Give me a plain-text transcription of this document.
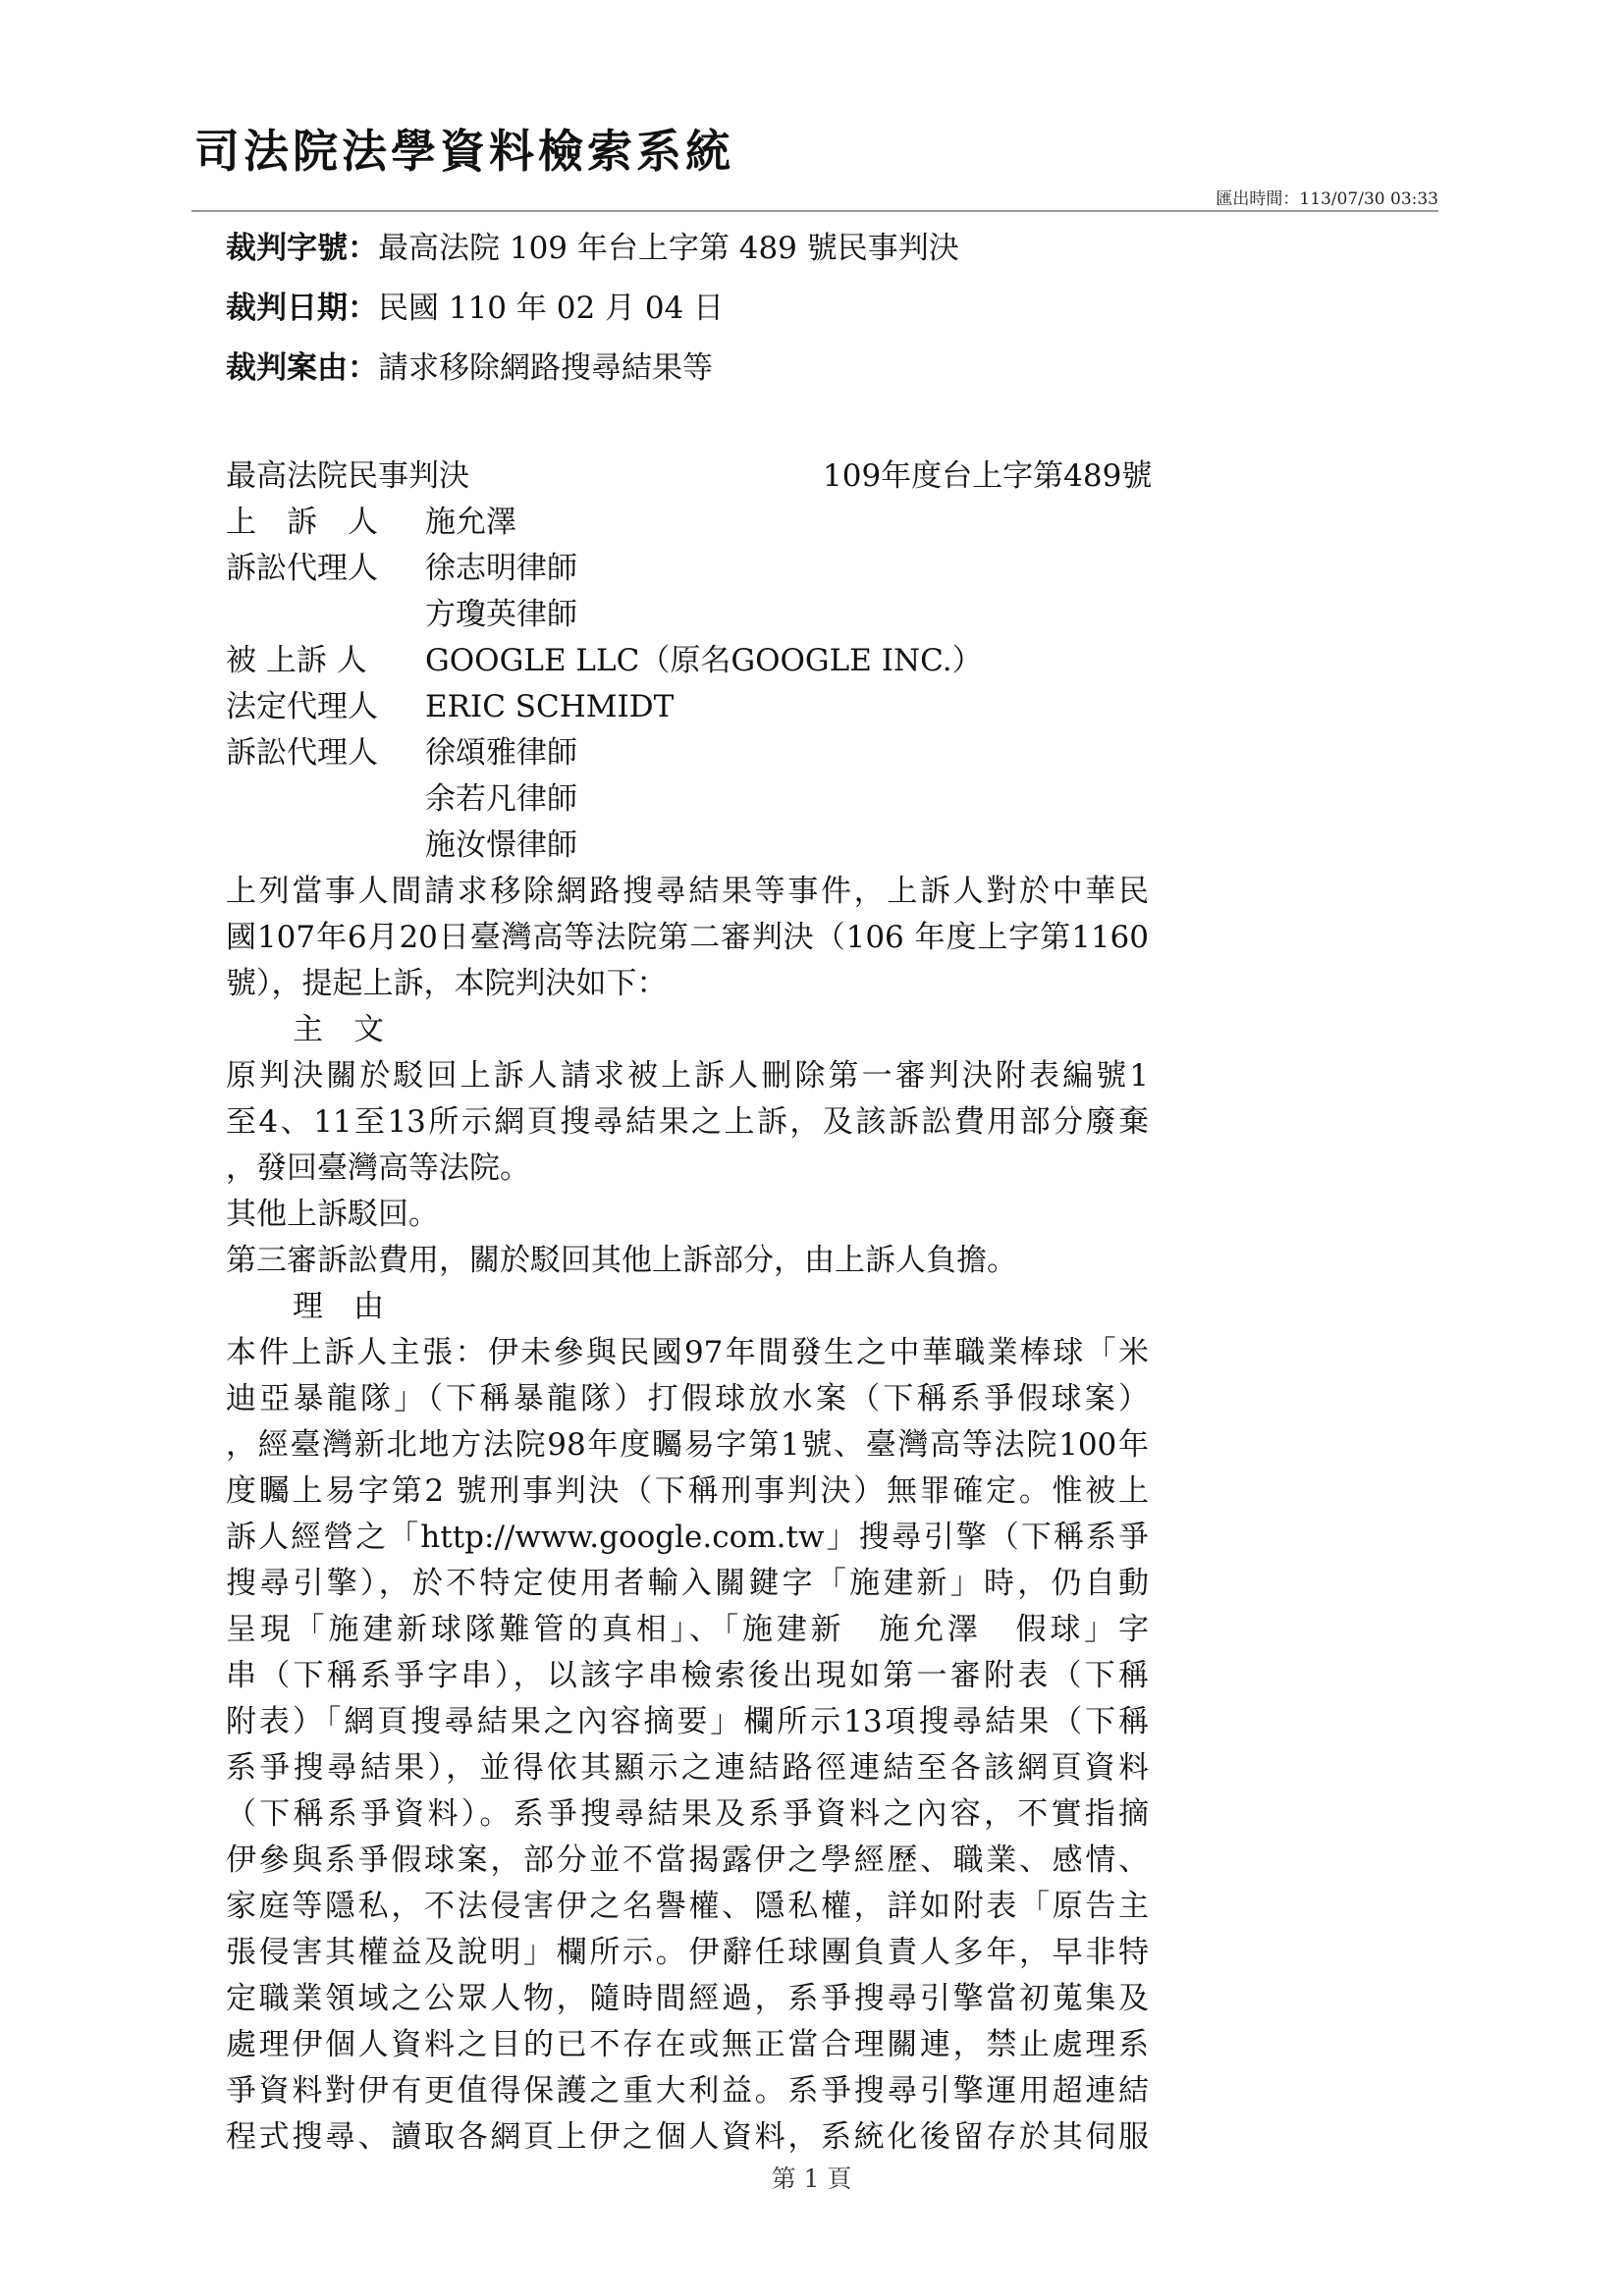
司法院法學資料檢索系統
匯出時間：113/07/30 03:33
裁判字號：最高法院 109 年台上字第 489 號民事判決
裁判日期：民國 110 年 02 月 04 日
裁判案由：請求移除網路搜尋結果等
最高法院民事判決	109年度台上字第489號
上　訴　人 施允澤
訴訟代理人 徐志明律師
方瓊英律師
被 上訴 人 GOOGLE LLC（原名GOOGLE INC.）
法定代理人 ERIC SCHMIDT
訴訟代理人 徐頌雅律師
余若凡律師
施汝憬律師
上列當事人間請求移除網路搜尋結果等事件，上訴人對於中華民
國107年6月20日臺灣高等法院第二審判決（106 年度上字第1160
號），提起上訴，本院判決如下：
主　文
原判決關於駁回上訴人請求被上訴人刪除第一審判決附表編號1
至4、11至13所示網頁搜尋結果之上訴，及該訴訟費用部分廢棄
，發回臺灣高等法院。
其他上訴駁回。
第三審訴訟費用，關於駁回其他上訴部分，由上訴人負擔。
理　由
本件上訴人主張：伊未參與民國97年間發生之中華職業棒球「米
迪亞暴龍隊」（下稱暴龍隊）打假球放水案（下稱系爭假球案）
，經臺灣新北地方法院98年度矚易字第1號、臺灣高等法院100年
度矚上易字第2 號刑事判決（下稱刑事判決）無罪確定。惟被上
訴人經營之「http://www.google.com.tw」搜尋引擎（下稱系爭
搜尋引擎），於不特定使用者輸入關鍵字「施建新」時，仍自動
呈現「施建新球隊難管的真相」、「施建新　施允澤　假球」字
串（下稱系爭字串），以該字串檢索後出現如第一審附表（下稱
附表）「網頁搜尋結果之內容摘要」欄所示13項搜尋結果（下稱
系爭搜尋結果），並得依其顯示之連結路徑連結至各該網頁資料
（下稱系爭資料）。系爭搜尋結果及系爭資料之內容，不實指摘
伊參與系爭假球案，部分並不當揭露伊之學經歷、職業、感情、
家庭等隱私，不法侵害伊之名譽權、隱私權，詳如附表「原告主
張侵害其權益及說明」欄所示。伊辭任球團負責人多年，早非特
定職業領域之公眾人物，隨時間經過，系爭搜尋引擎當初蒐集及
處理伊個人資料之目的已不存在或無正當合理關連，禁止處理系
爭資料對伊有更值得保護之重大利益。系爭搜尋引擎運用超連結
程式搜尋、讀取各網頁上伊之個人資料，系統化後留存於其伺服
第 1 頁
